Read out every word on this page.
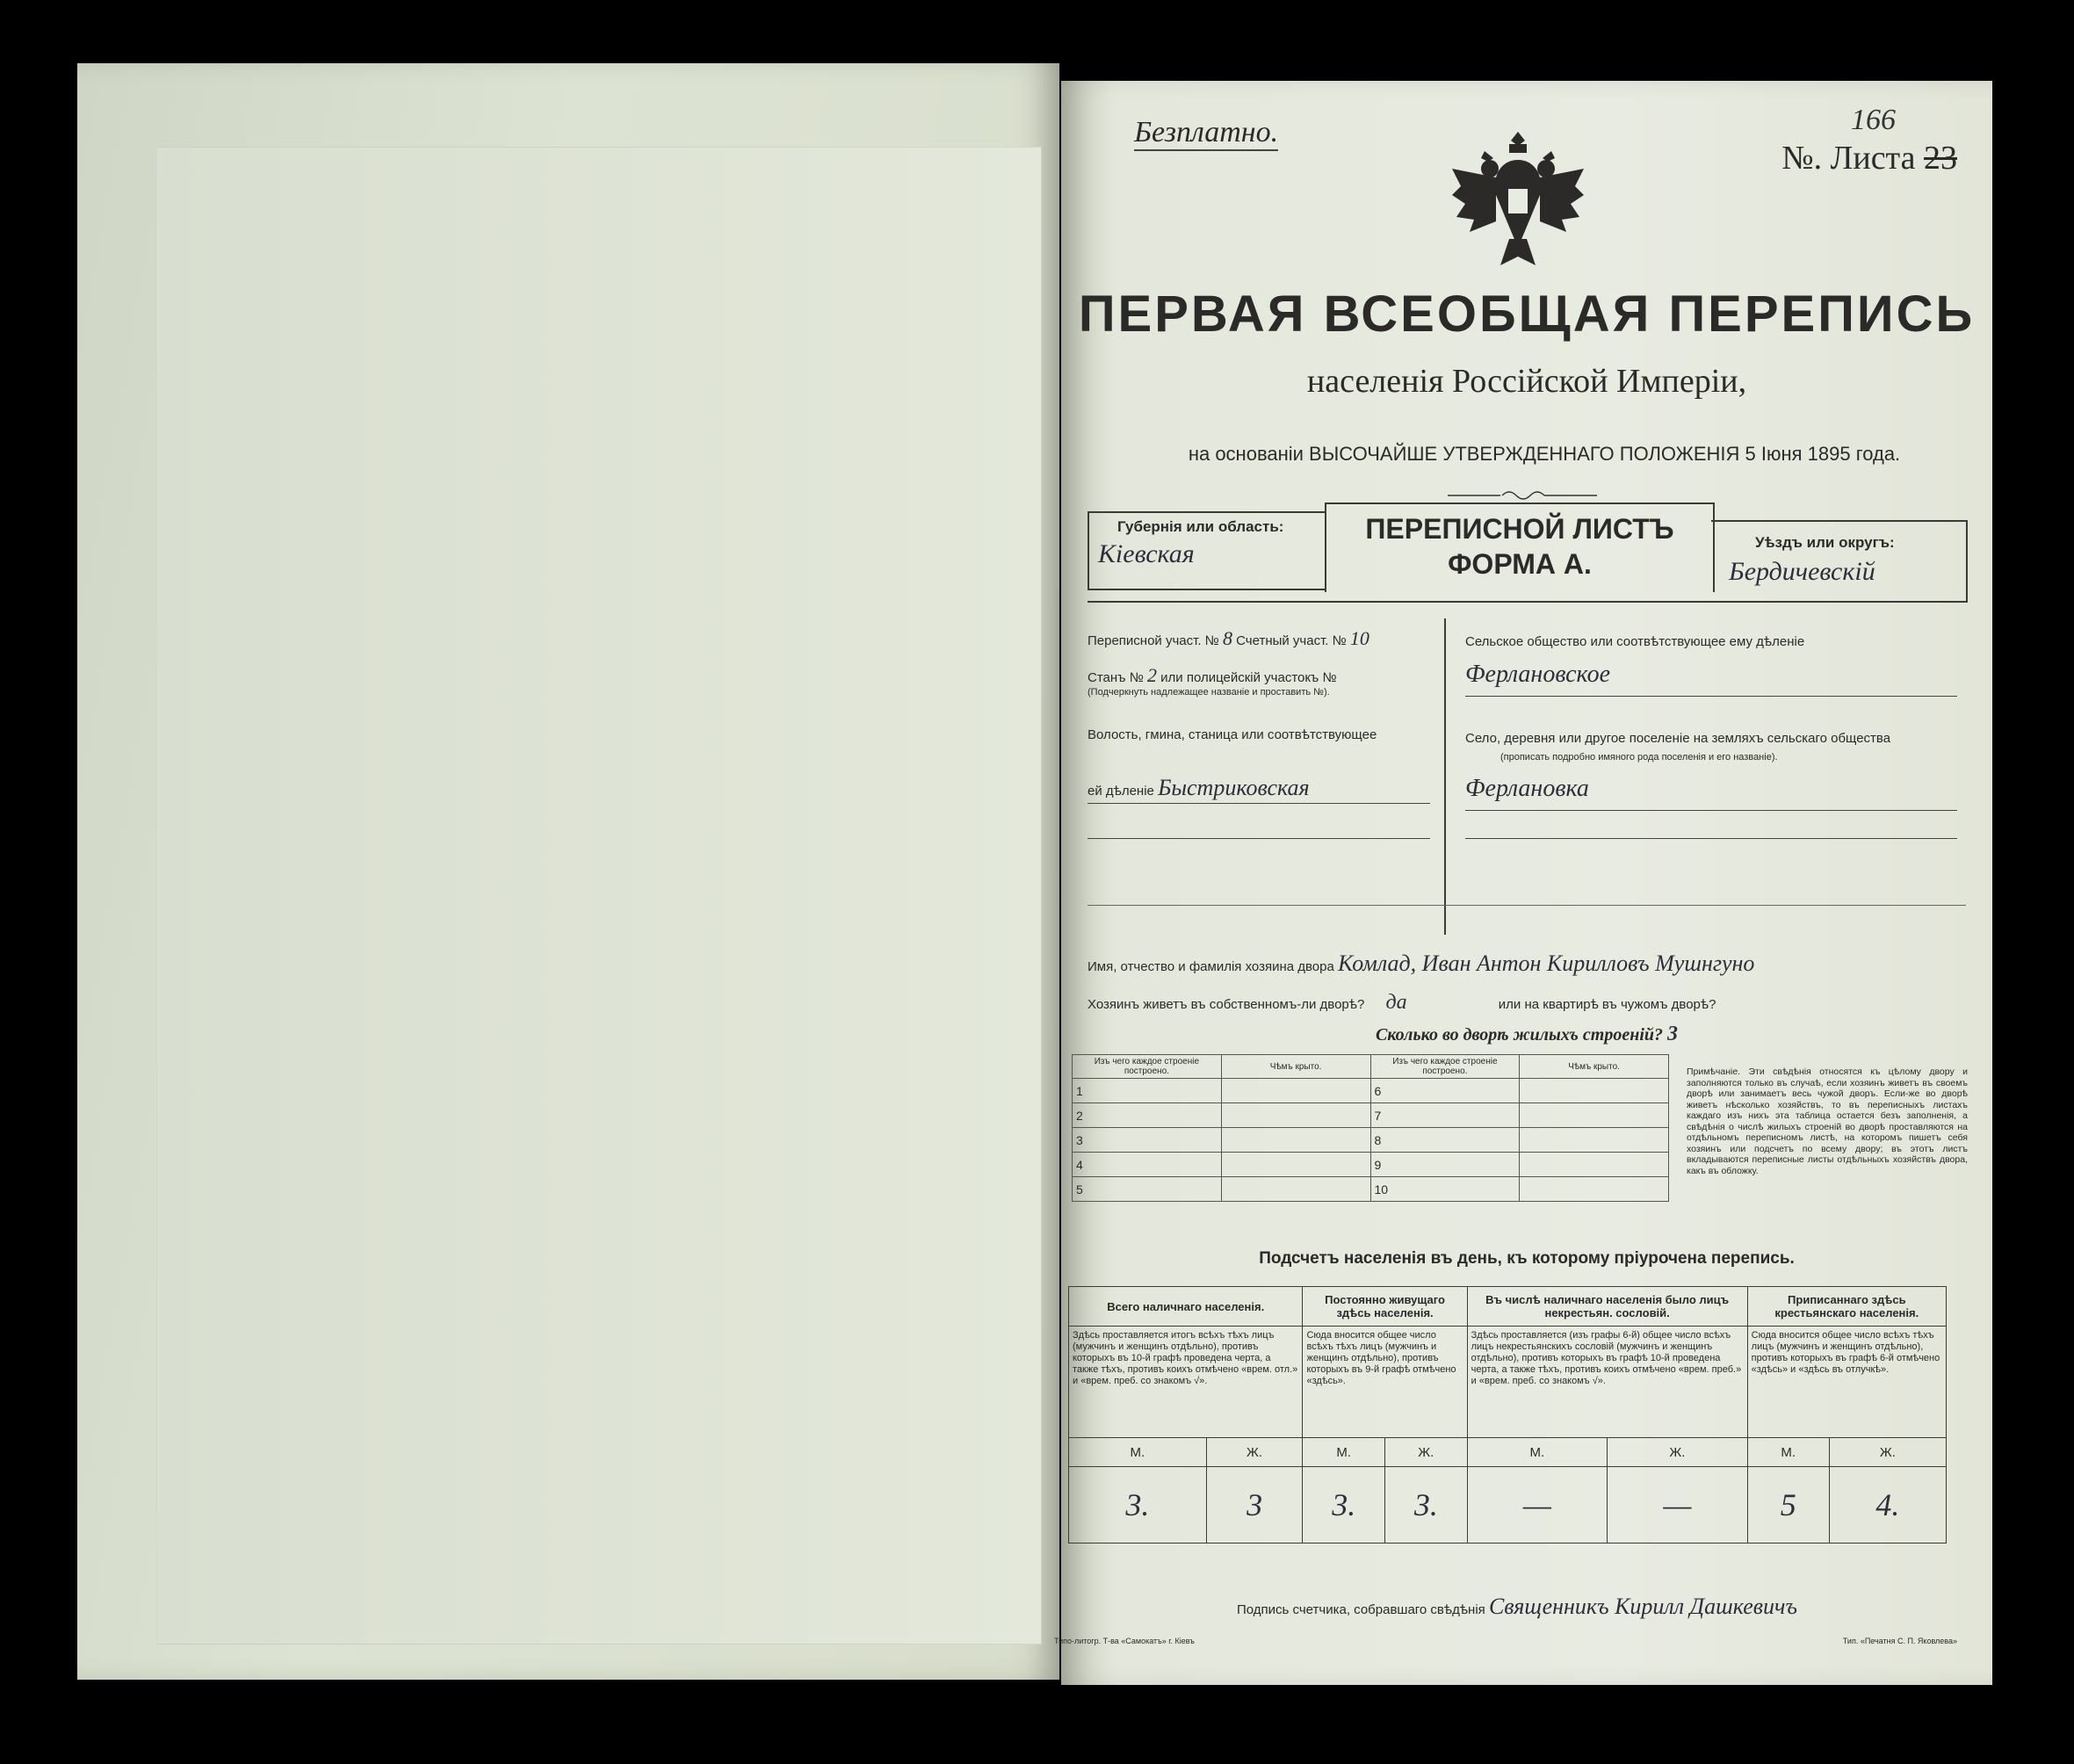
Безплатно.	166
№. Листа 23
ПЕРВАЯ ВСЕОБЩАЯ ПЕРЕПИСЬ
населенія Россійской Имперіи,
на основаніи ВЫСОЧАЙШЕ УТВЕРЖДЕННАГО ПОЛОЖЕНІЯ 5 Іюня 1895 года.
Губернія или область:
Кіевская
ПЕРЕПИСНОЙ ЛИСТЪ
ФОРМА А.
Уѣздъ или округъ:
Бердичевскій
Переписной участ. № 8 Счетный участ. № 10
Станъ № 2 или полицейскій участокъ №
(Подчеркнуть надлежащее названіе и проставить №).
Волость, гмина, станица или соотвѣтствующее
ей дѣленіе Быстриковская
Сельское общество или соотвѣтствующее ему дѣленіе
Ферлановское
Село, деревня или другое поселеніе на земляхъ сельскаго общества
(прописать подробно имяного рода поселенія и его названіе).
Ферлановка
Имя, отчество и фамилія хозяина двора Комлад, Иван Антон Кирилловъ Мушнгуно
Хозяинъ живетъ въ собственномъ-ли дворѣ? да	или на квартирѣ въ чужомъ дворѣ?
Сколько во дворѣ жилыхъ строеній? 3
Изъ чего каждое строеніе построено.	Чѣмъ крыто.	Изъ чего каждое строеніе построено.	Чѣмъ крыто.
1		6	
2		7	
3		8	
4		9	
5		10	
Примѣчаніе. Эти свѣдѣнія относятся къ цѣлому двору и заполняются только въ случаѣ, если хозяинъ живетъ въ своемъ дворѣ или занимаетъ весь чужой дворъ. Если-же во дворѣ живетъ нѣсколько хозяйствъ, то въ переписныхъ листахъ каждаго изъ нихъ эта таблица остается безъ заполненія, а свѣдѣнія о числѣ жилыхъ строеній во дворѣ проставляются на отдѣльномъ переписномъ листѣ, на которомъ пишетъ себя хозяинъ или подсчетъ по всему двору; въ этотъ листъ вкладываются переписные листы отдѣльныхъ хозяйствъ двора, какъ въ обложку.
Подсчетъ населенія въ день, къ которому пріурочена перепись.
Всего наличнаго населенія.		Постоянно живущаго здѣсь населенія.		Въ числѣ наличнаго населенія было лицъ некрестьян. сословій.		Приписаннаго здѣсь крестьянскаго населенія.	
Здѣсь проставляется итогъ всѣхъ тѣхъ лицъ (мужчинъ и женщинъ отдѣльно), противъ которыхъ въ 10-й графѣ проведена черта, а также тѣхъ, противъ коихъ отмѣчено «врем. отл.» и «врем. преб. со знакомъ √».		Сюда вносится общее число всѣхъ тѣхъ лицъ (мужчинъ и женщинъ отдѣльно), противъ которыхъ въ 9-й графѣ отмѣчено «здѣсь».		Здѣсь проставляется (изъ графы 6-й) общее число всѣхъ лицъ некрестьянскихъ сословій (мужчинъ и женщинъ отдѣльно), противъ которыхъ въ графѣ 10-й проведена черта, а также тѣхъ, противъ коихъ отмѣчено «врем. преб.» и «врем. преб. со знакомъ √».		Сюда вносится общее число всѣхъ тѣхъ лицъ (мужчинъ и женщинъ отдѣльно), противъ которыхъ въ графѣ 6-й отмѣчено «здѣсь» и «здѣсь въ отлучкѣ».	
М.	Ж.	М.	Ж.	М.	Ж.	М.	Ж.
3.	3	3.	3.	—	—	5	4.
Подпись счетчика, собравшаго свѣдѣнія Священникъ Кирилл Дашкевичъ
Типо-литогр. Т-ва «Самокатъ» г. Кіевъ	Тип. «Печатня С. П. Яковлева»
